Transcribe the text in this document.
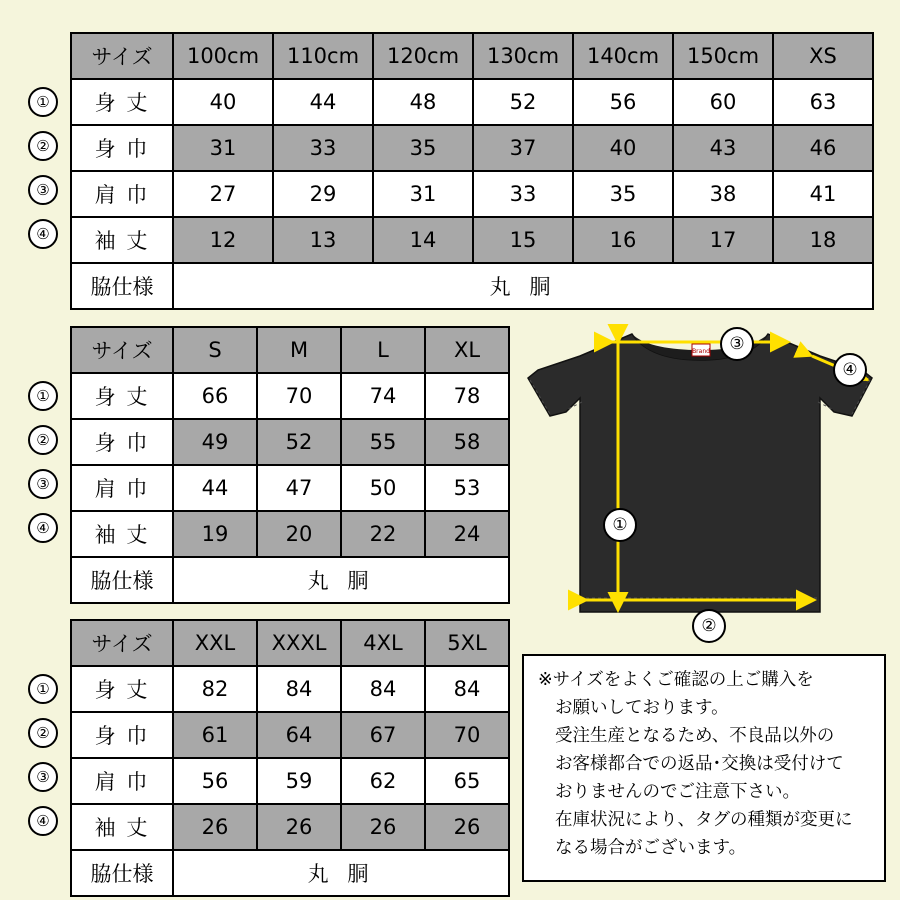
①
②
③
④
サイズ	100cm	110cm	120cm	130cm	140cm	150cm	XS
身 丈	40	44	48	52	56	60	63
身 巾	31	33	35	37	40	43	46
肩 巾	27	29	31	33	35	38	41
袖 丈	12	13	14	15	16	17	18
脇仕様	丸 胴						
①
②
③
④
サイズ	S	M	L	XL
身 丈	66	70	74	78
身 巾	49	52	55	58
肩 巾	44	47	50	53
袖 丈	19	20	22	24
脇仕様	丸 胴			
①
②
③
④
サイズ	XXL	XXXL	4XL	5XL
身 丈	82	84	84	84
身 巾	61	64	67	70
肩 巾	56	59	62	65
袖 丈	26	26	26	26
脇仕様	丸 胴			
Brand	③
④
①
②
※サイズをよくご確認の上ご購入を
お願いしております。
受注生産となるため、不良品以外の
お客様都合での返品･交換は受付けて
おりませんのでご注意下さい。
在庫状況により、タグの種類が変更に
なる場合がございます。
